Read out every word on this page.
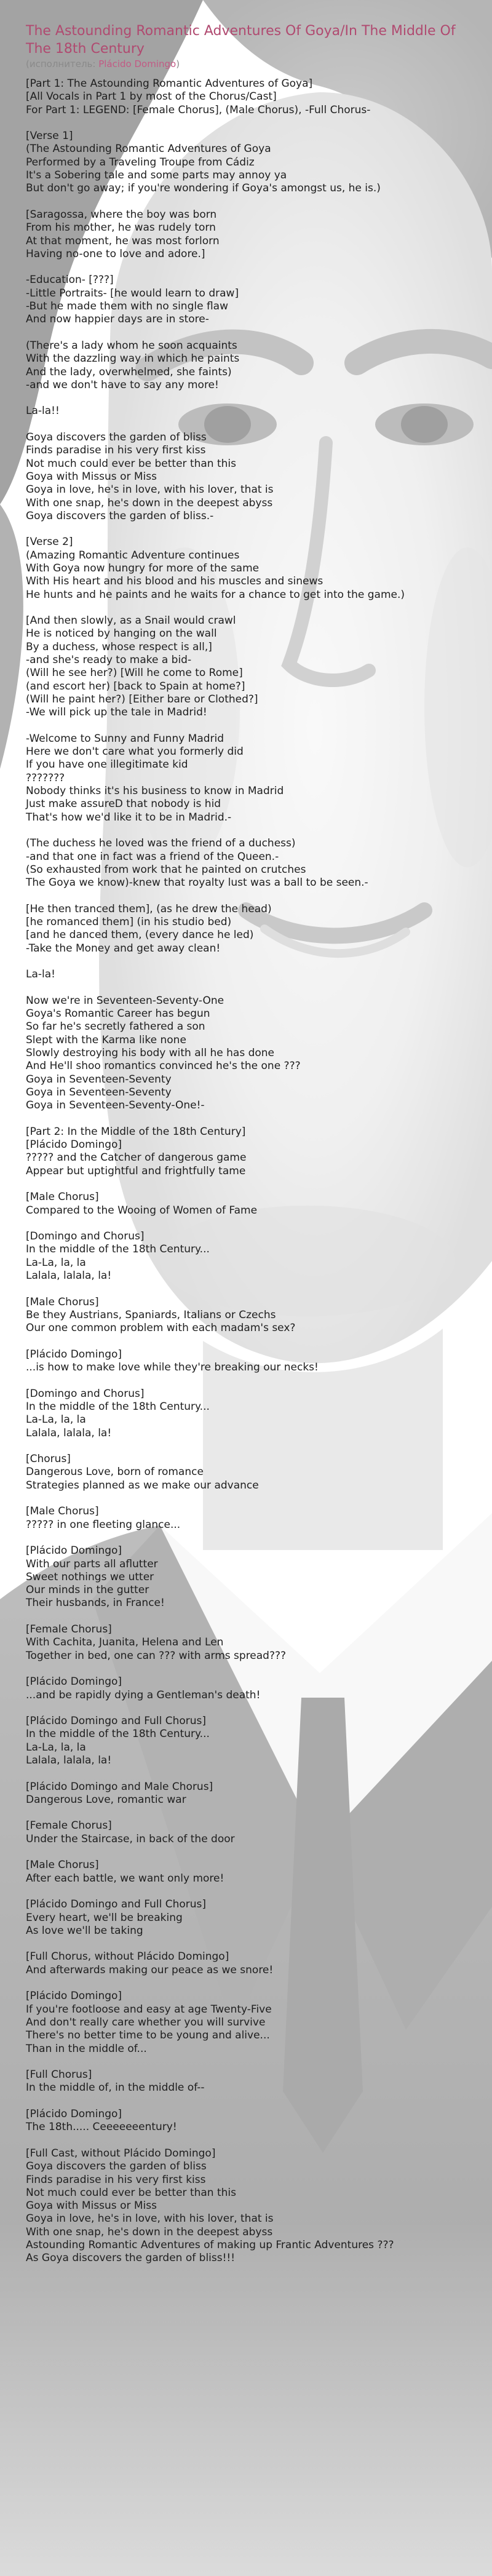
The Astounding Romantic Adventures Of Goya/In The Middle Of The 18th Century
(исполнитель: Plácido Domingo)
[Part 1: The Astounding Romantic Adventures of Goya]
[All Vocals in Part 1 by most of the Chorus/Cast]
For Part 1: LEGEND: [Female Chorus], (Male Chorus), -Full Chorus-
[Verse 1]
(The Astounding Romantic Adventures of Goya
Performed by a Traveling Troupe from Cádiz
It's a Sobering tale and some parts may annoy ya
But don't go away; if you're wondering if Goya's amongst us, he is.)
[Saragossa, where the boy was born
From his mother, he was rudely torn
At that moment, he was most forlorn
Having no-one to love and adore.]
-Education- [???]
-Little Portraits- [he would learn to draw]
-But he made them with no single flaw
And now happier days are in store-
(There's a lady whom he soon acquaints
With the dazzling way in which he paints
And the lady, overwhelmed, she faints)
-and we don't have to say any more!
La-la!!
Goya discovers the garden of bliss
Finds paradise in his very first kiss
Not much could ever be better than this
Goya with Missus or Miss
Goya in love, he's in love, with his lover, that is
With one snap, he's down in the deepest abyss
Goya discovers the garden of bliss.-
[Verse 2]
(Amazing Romantic Adventure continues
With Goya now hungry for more of the same
With His heart and his blood and his muscles and sinews
He hunts and he paints and he waits for a chance to get into the game.)
[And then slowly, as a Snail would crawl
He is noticed by hanging on the wall
By a duchess, whose respect is all,]
-and she's ready to make a bid-
(Will he see her?) [Will he come to Rome]
(and escort her) [back to Spain at home?]
(Will he paint her?) [Either bare or Clothed?]
-We will pick up the tale in Madrid!
-Welcome to Sunny and Funny Madrid
Here we don't care what you formerly did
If you have one illegitimate kid
???????
Nobody thinks it's his business to know in Madrid
Just make assureD that nobody is hid
That's how we'd like it to be in Madrid.-
(The duchess he loved was the friend of a duchess)
-and that one in fact was a friend of the Queen.-
(So exhausted from work that he painted on crutches
The Goya we know)-knew that royalty lust was a ball to be seen.-
[He then tranced them], (as he drew the head)
[he romanced them] (in his studio bed)
[and he danced them, (every dance he led)
-Take the Money and get away clean!
La-la!
Now we're in Seventeen-Seventy-One
Goya's Romantic Career has begun
So far he's secretly fathered a son
Slept with the Karma like none
Slowly destroying his body with all he has done
And He'll shoo romantics convinced he's the one ???
Goya in Seventeen-Seventy
Goya in Seventeen-Seventy
Goya in Seventeen-Seventy-One!-
[Part 2: In the Middle of the 18th Century]
[Plácido Domingo]
????? and the Catcher of dangerous game
Appear but uptightful and frightfully tame
[Male Chorus]
Compared to the Wooing of Women of Fame
[Domingo and Chorus]
In the middle of the 18th Century...
La-La, la, la
Lalala, lalala, la!
[Male Chorus]
Be they Austrians, Spaniards, Italians or Czechs
Our one common problem with each madam's sex?
[Plácido Domingo]
...is how to make love while they're breaking our necks!
[Domingo and Chorus]
In the middle of the 18th Century...
La-La, la, la
Lalala, lalala, la!
[Chorus]
Dangerous Love, born of romance
Strategies planned as we make our advance
[Male Chorus]
????? in one fleeting glance...
[Plácido Domingo]
With our parts all aflutter
Sweet nothings we utter
Our minds in the gutter
Their husbands, in France!
[Female Chorus]
With Cachita, Juanita, Helena and Len
Together in bed, one can ??? with arms spread???
[Plácido Domingo]
...and be rapidly dying a Gentleman's death!
[Plácido Domingo and Full Chorus]
In the middle of the 18th Century...
La-La, la, la
Lalala, lalala, la!
[Plácido Domingo and Male Chorus]
Dangerous Love, romantic war
[Female Chorus]
Under the Staircase, in back of the door
[Male Chorus]
After each battle, we want only more!
[Plácido Domingo and Full Chorus]
Every heart, we'll be breaking
As love we'll be taking
[Full Chorus, without Plácido Domingo]
And afterwards making our peace as we snore!
[Plácido Domingo]
If you're footloose and easy at age Twenty-Five
And don't really care whether you will survive
There's no better time to be young and alive...
Than in the middle of...
[Full Chorus]
In the middle of, in the middle of--
[Plácido Domingo]
The 18th..... Ceeeeeeentury!
[Full Cast, without Plácido Domingo]
Goya discovers the garden of bliss
Finds paradise in his very first kiss
Not much could ever be better than this
Goya with Missus or Miss
Goya in love, he's in love, with his lover, that is
With one snap, he's down in the deepest abyss
Astounding Romantic Adventures of making up Frantic Adventures ???
As Goya discovers the garden of bliss!!!
